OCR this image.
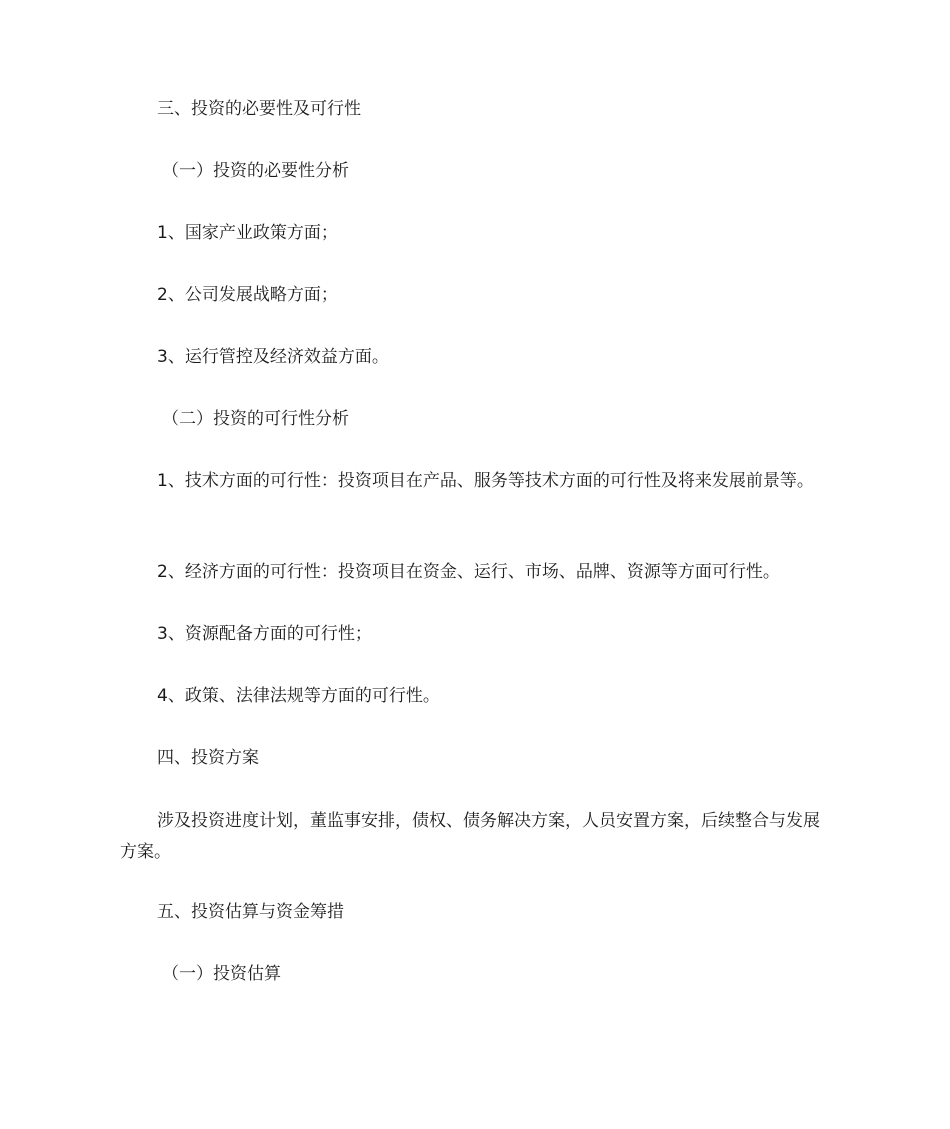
三、投资的必要性及可行性

（一）投资的必要性分析

1、国家产业政策方面；

2、公司发展战略方面；

3、运行管控及经济效益方面。

（二）投资的可行性分析

1、技术方面的可行性：投资项目在产品、服务等技术方面的可行性及将来发展前景等。

2、经济方面的可行性：投资项目在资金、运行、市场、品牌、资源等方面可行性。

3、资源配备方面的可行性；

4、政策、法律法规等方面的可行性。

四、投资方案

涉及投资进度计划，董监事安排，债权、债务解决方案，人员安置方案，后续整合与发展方案。

五、投资估算与资金筹措

（一）投资估算
